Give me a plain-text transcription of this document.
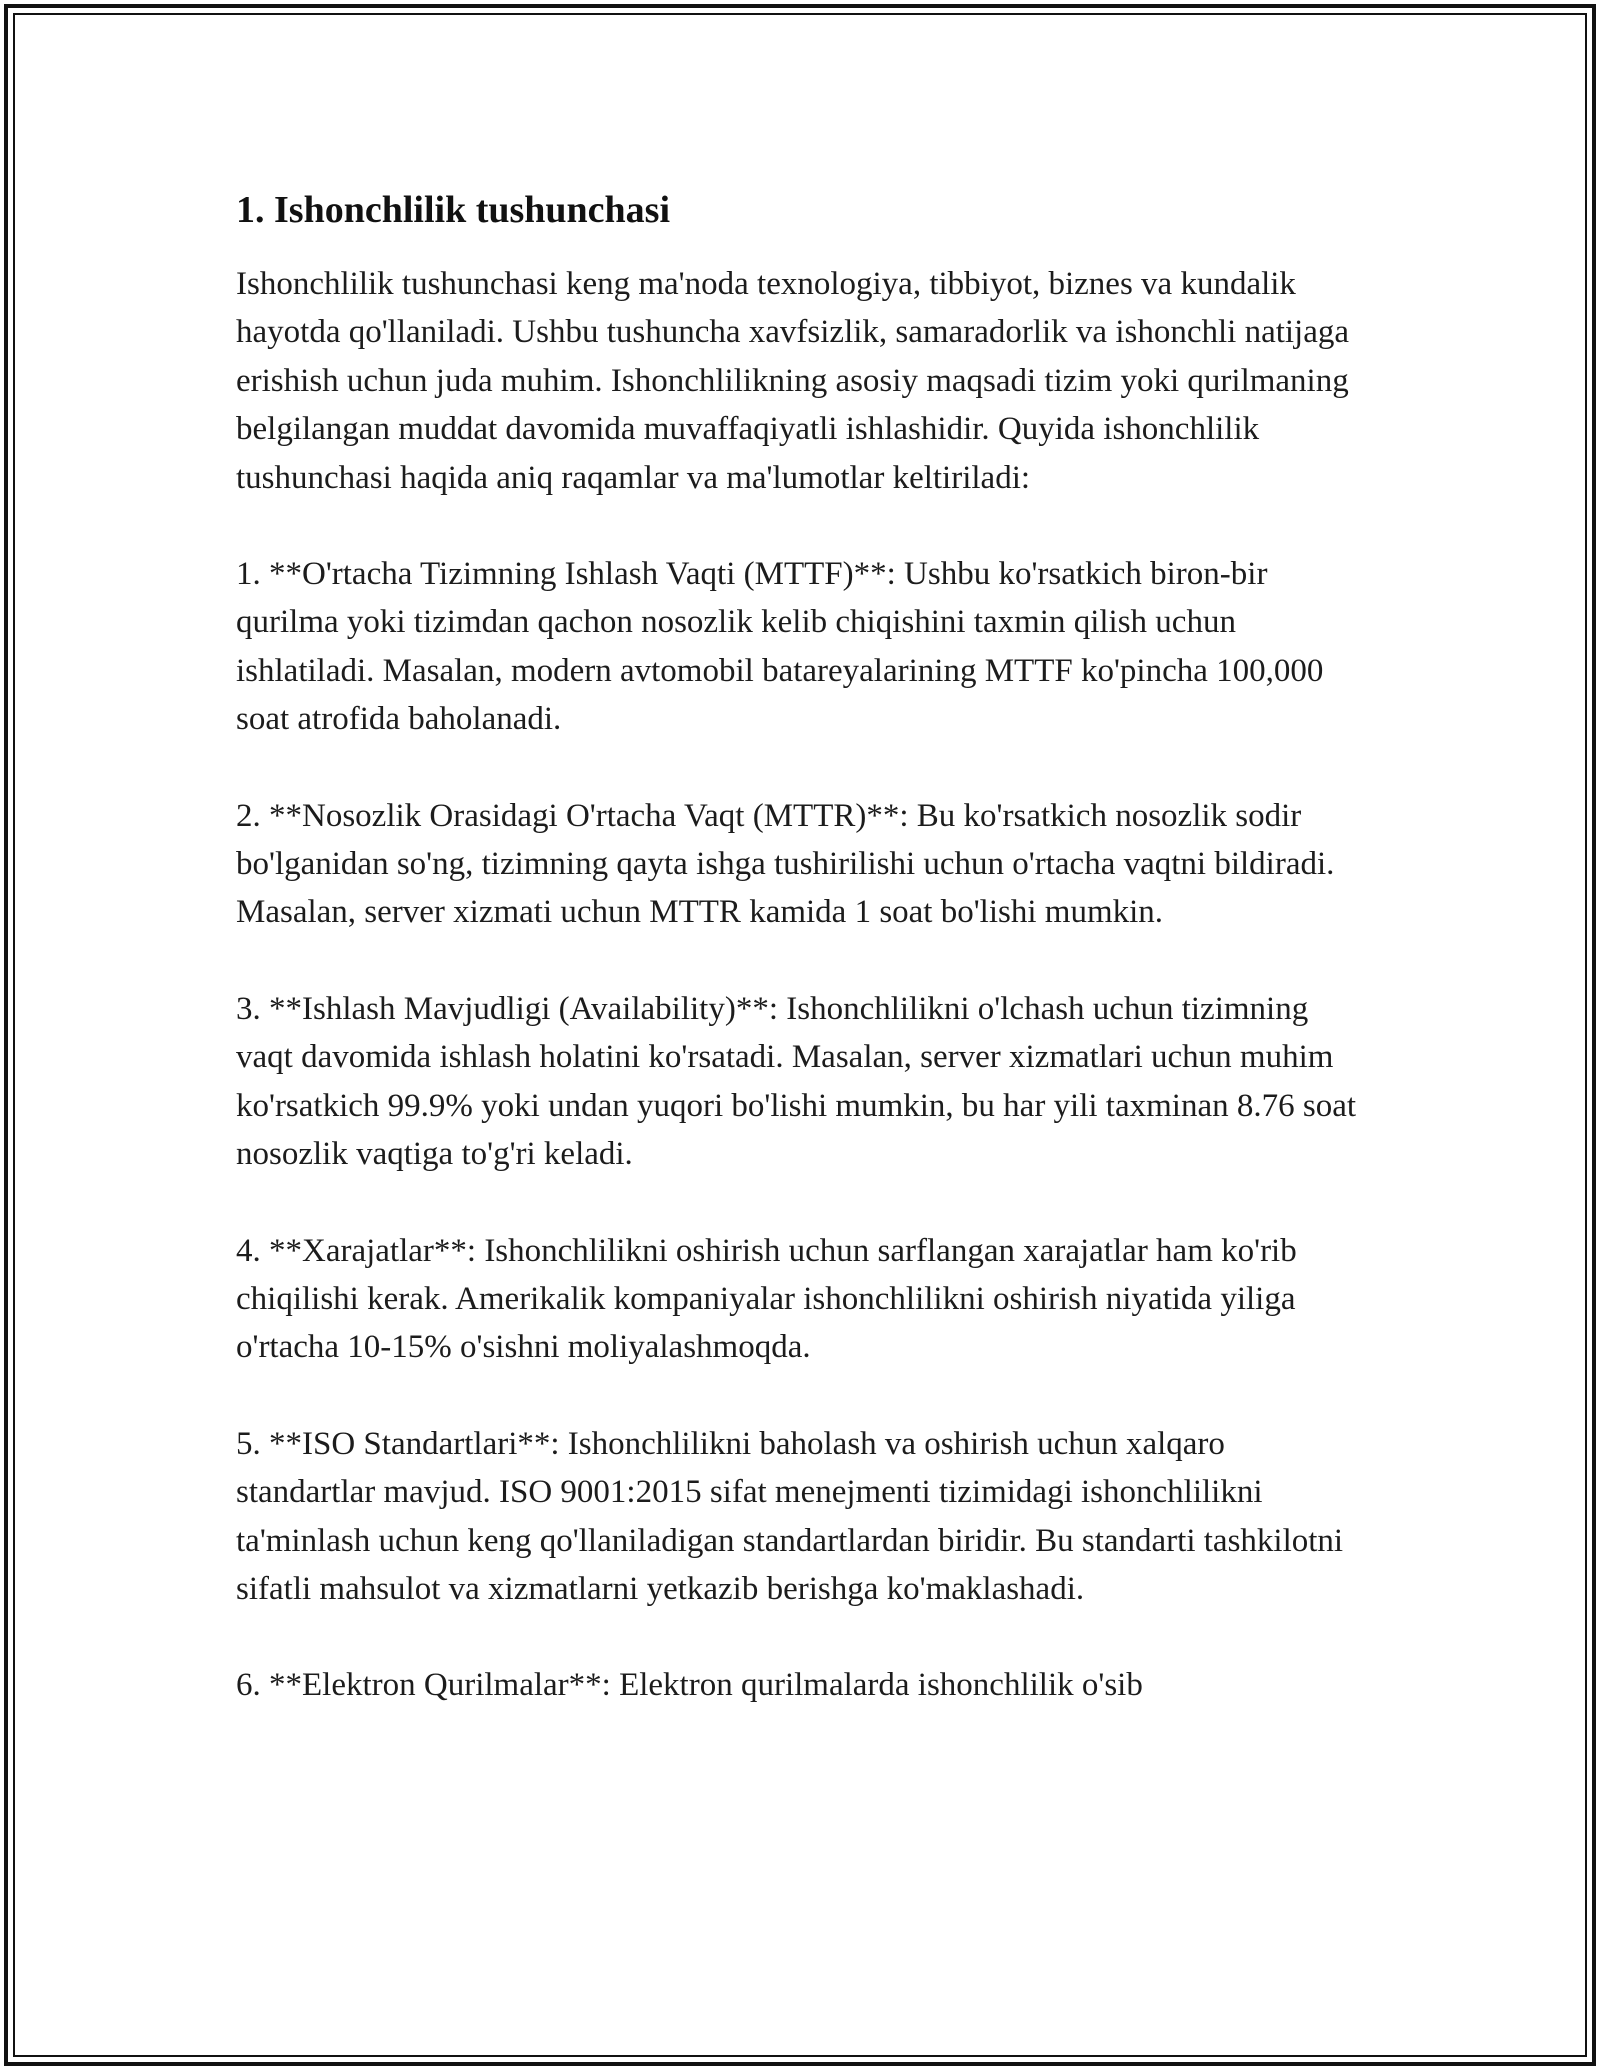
1. Ishonchlilik tushunchasi

Ishonchlilik tushunchasi keng ma'noda texnologiya, tibbiyot, biznes va kundalik hayotda qo'llaniladi. Ushbu tushuncha xavfsizlik, samaradorlik va ishonchli natijaga erishish uchun juda muhim. Ishonchlilikning asosiy maqsadi tizim yoki qurilmaning belgilangan muddat davomida muvaffaqiyatli ishlashidir. Quyida ishonchlilik tushunchasi haqida aniq raqamlar va ma'lumotlar keltiriladi:

1. **O'rtacha Tizimning Ishlash Vaqti (MTTF)**: Ushbu ko'rsatkich biron-bir qurilma yoki tizimdan qachon nosozlik kelib chiqishini taxmin qilish uchun ishlatiladi. Masalan, modern avtomobil batareyalarining MTTF ko'pincha 100,000 soat atrofida baholanadi.

2. **Nosozlik Orasidagi O'rtacha Vaqt (MTTR)**: Bu ko'rsatkich nosozlik sodir bo'lganidan so'ng, tizimning qayta ishga tushirilishi uchun o'rtacha vaqtni bildiradi. Masalan, server xizmati uchun MTTR kamida 1 soat bo'lishi mumkin.

3. **Ishlash Mavjudligi (Availability)**: Ishonchlilikni o'lchash uchun tizimning vaqt davomida ishlash holatini ko'rsatadi. Masalan, server xizmatlari uchun muhim ko'rsatkich 99.9% yoki undan yuqori bo'lishi mumkin, bu har yili taxminan 8.76 soat nosozlik vaqtiga to'g'ri keladi.

4. **Xarajatlar**: Ishonchlilikni oshirish uchun sarflangan xarajatlar ham ko'rib chiqilishi kerak. Amerikalik kompaniyalar ishonchlilikni oshirish niyatida yiliga o'rtacha 10-15% o'sishni moliyalashmoqda.

5. **ISO Standartlari**: Ishonchlilikni baholash va oshirish uchun xalqaro standartlar mavjud. ISO 9001:2015 sifat menejmenti tizimidagi ishonchlilikni ta'minlash uchun keng qo'llaniladigan standartlardan biridir. Bu standarti tashkilotni sifatli mahsulot va xizmatlarni yetkazib berishga ko'maklashadi.

6. **Elektron Qurilmalar**: Elektron qurilmalarda ishonchlilik o'sib
